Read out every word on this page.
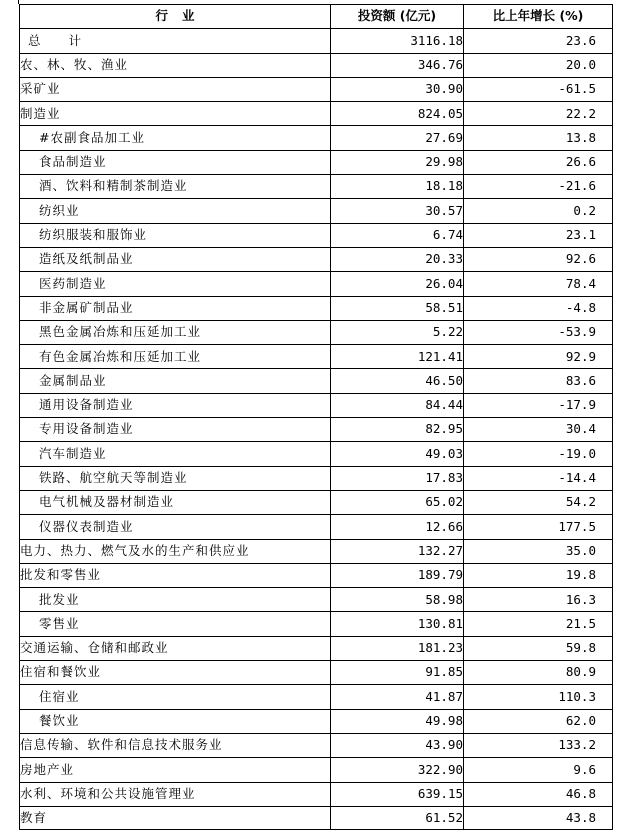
行业	投资额 (亿元)	比上年增长 (%)
总计	3116.18	23.6
农、林、牧、渔业	346.76	20.0
采矿业	30.90	-61.5
制造业	824.05	22.2
#农副食品加工业	27.69	13.8
食品制造业	29.98	26.6
酒、饮料和精制茶制造业	18.18	-21.6
纺织业	30.57	0.2
纺织服装和服饰业	6.74	23.1
造纸及纸制品业	20.33	92.6
医药制造业	26.04	78.4
非金属矿制品业	58.51	-4.8
黑色金属冶炼和压延加工业	5.22	-53.9
有色金属冶炼和压延加工业	121.41	92.9
金属制品业	46.50	83.6
通用设备制造业	84.44	-17.9
专用设备制造业	82.95	30.4
汽车制造业	49.03	-19.0
铁路、航空航天等制造业	17.83	-14.4
电气机械及器材制造业	65.02	54.2
仪器仪表制造业	12.66	177.5
电力、热力、燃气及水的生产和供应业	132.27	35.0
批发和零售业	189.79	19.8
批发业	58.98	16.3
零售业	130.81	21.5
交通运输、仓储和邮政业	181.23	59.8
住宿和餐饮业	91.85	80.9
住宿业	41.87	110.3
餐饮业	49.98	62.0
信息传输、软件和信息技术服务业	43.90	133.2
房地产业	322.90	9.6
水利、环境和公共设施管理业	639.15	46.8
教育	61.52	43.8
